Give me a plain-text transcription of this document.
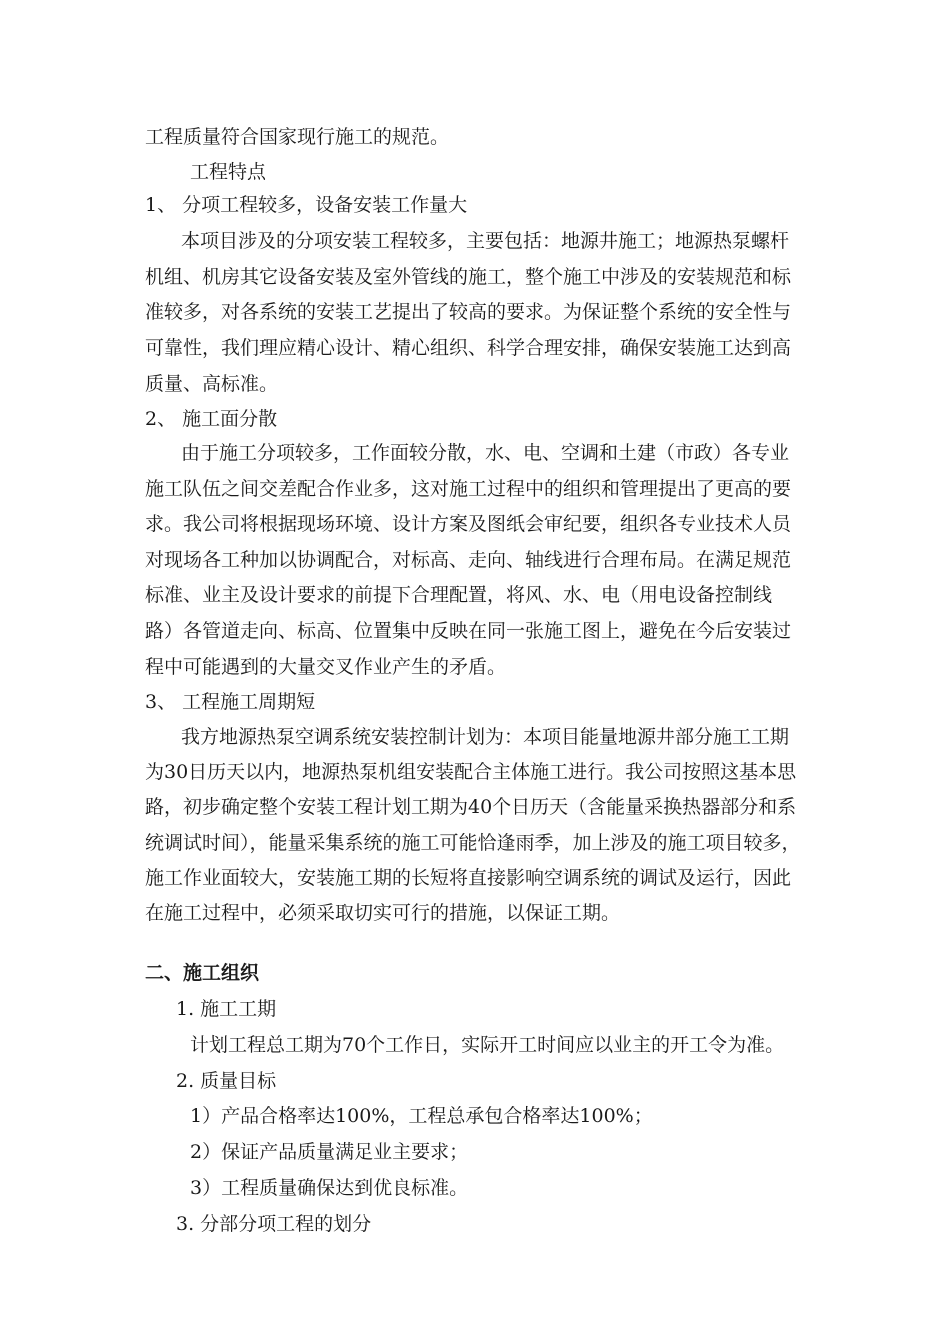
工程质量符合国家现行施工的规范。
工程特点
1、 分项工程较多，设备安装工作量大
本项目涉及的分项安装工程较多，主要包括：地源井施工；地源热泵螺杆
机组、机房其它设备安装及室外管线的施工，整个施工中涉及的安装规范和标
准较多，对各系统的安装工艺提出了较高的要求。为保证整个系统的安全性与
可靠性，我们理应精心设计、精心组织、科学合理安排，确保安装施工达到高
质量、高标准。
2、 施工面分散
由于施工分项较多，工作面较分散，水、电、空调和土建（市政）各专业
施工队伍之间交差配合作业多，这对施工过程中的组织和管理提出了更高的要
求。我公司将根据现场环境、设计方案及图纸会审纪要，组织各专业技术人员
对现场各工种加以协调配合，对标高、走向、轴线进行合理布局。在满足规范
标准、业主及设计要求的前提下合理配置，将风、水、电（用电设备控制线
路）各管道走向、标高、位置集中反映在同一张施工图上，避免在今后安装过
程中可能遇到的大量交叉作业产生的矛盾。
3、 工程施工周期短
我方地源热泵空调系统安装控制计划为：本项目能量地源井部分施工工期
为30日历天以内，地源热泵机组安装配合主体施工进行。我公司按照这基本思
路，初步确定整个安装工程计划工期为40个日历天（含能量采换热器部分和系
统调试时间），能量采集系统的施工可能恰逢雨季，加上涉及的施工项目较多，
施工作业面较大，安装施工期的长短将直接影响空调系统的调试及运行，因此
在施工过程中，必须采取切实可行的措施，以保证工期。
二、施工组织
1. 施工工期
计划工程总工期为70个工作日，实际开工时间应以业主的开工令为准。
2. 质量目标
1）产品合格率达100%，工程总承包合格率达100%；
2）保证产品质量满足业主要求；
3）工程质量确保达到优良标准。
3. 分部分项工程的划分
